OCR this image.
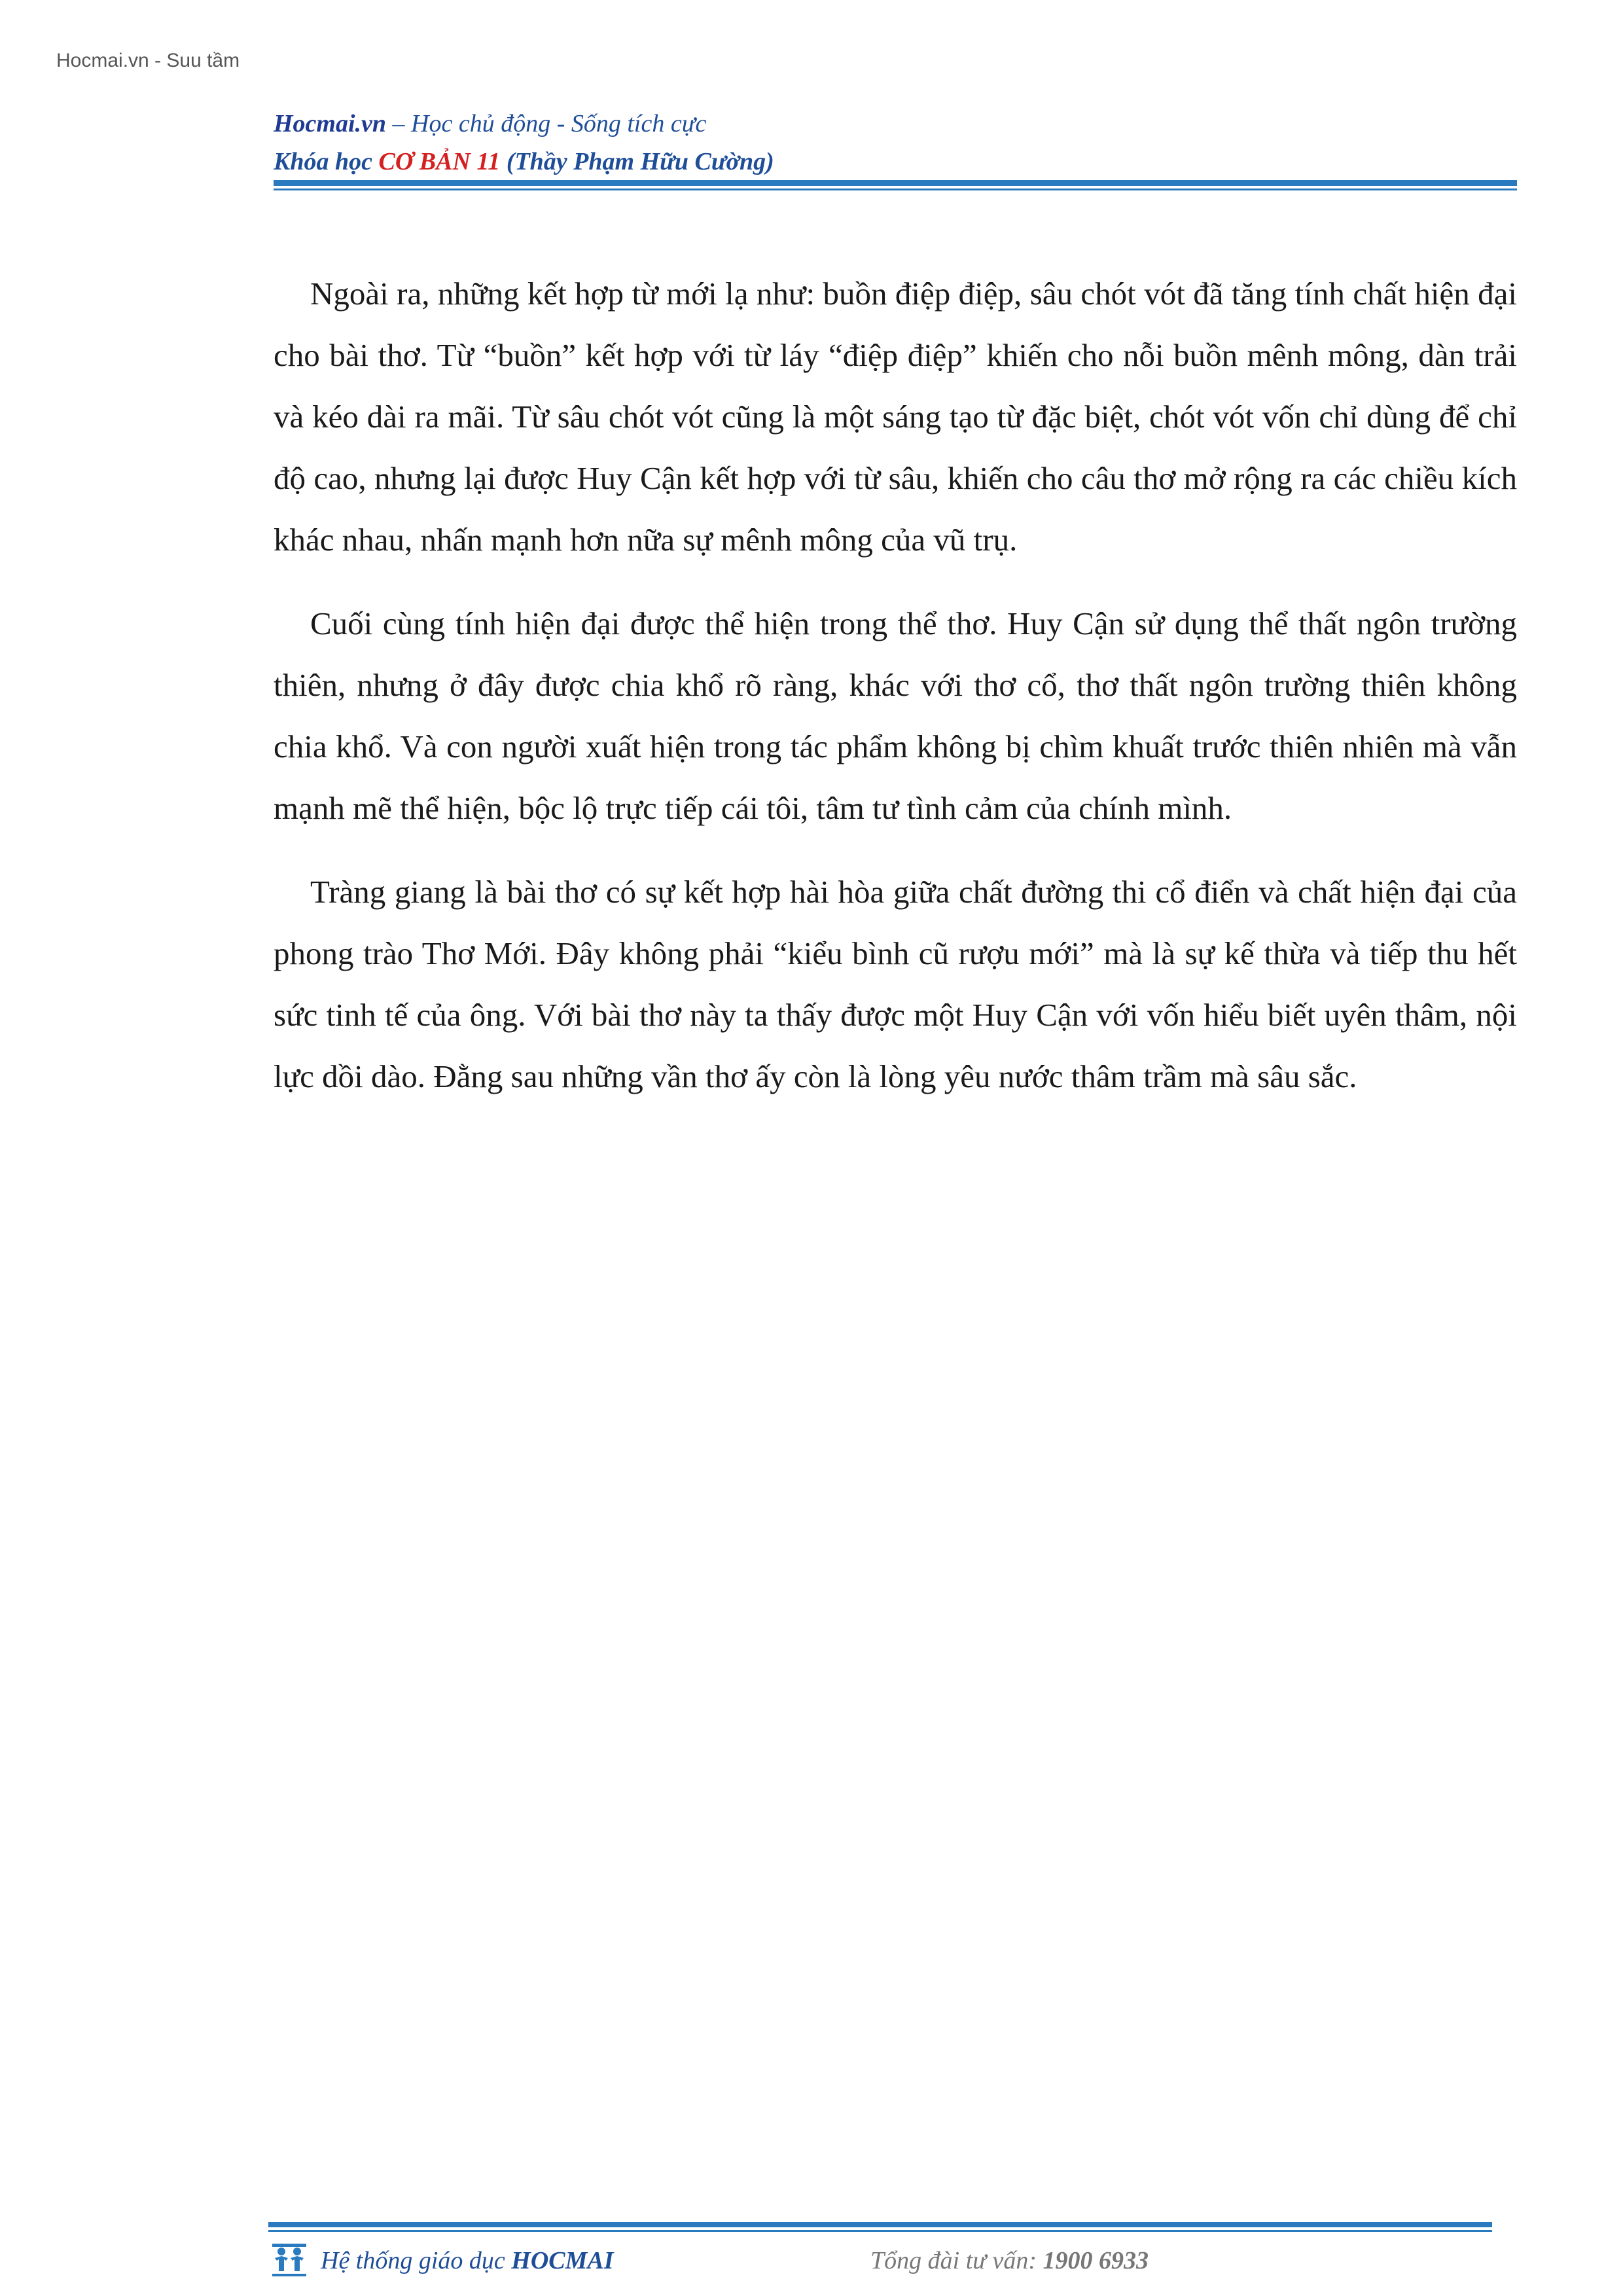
Hocmai.vn - Suu tầm
Hocmai.vn – Học chủ động - Sống tích cực
Khóa học CƠ BẢN 11 (Thầy Phạm Hữu Cường)

Ngoài ra, những kết hợp từ mới lạ như: buồn điệp điệp, sâu chót vót đã tăng tính chất hiện đại cho bài thơ. Từ “buồn” kết hợp với từ láy “điệp điệp” khiến cho nỗi buồn mênh mông, dàn trải và kéo dài ra mãi. Từ sâu chót vót cũng là một sáng tạo từ đặc biệt, chót vót vốn chỉ dùng để chỉ độ cao, nhưng lại được Huy Cận kết hợp với từ sâu, khiến cho câu thơ mở rộng ra các chiều kích khác nhau, nhấn mạnh hơn nữa sự mênh mông của vũ trụ.

Cuối cùng tính hiện đại được thể hiện trong thể thơ. Huy Cận sử dụng thể thất ngôn trường thiên, nhưng ở đây được chia khổ rõ ràng, khác với thơ cổ, thơ thất ngôn trường thiên không chia khổ. Và con người xuất hiện trong tác phẩm không bị chìm khuất trước thiên nhiên mà vẫn mạnh mẽ thể hiện, bộc lộ trực tiếp cái tôi, tâm tư tình cảm của chính mình.

Tràng giang là bài thơ có sự kết hợp hài hòa giữa chất đường thi cổ điển và chất hiện đại của phong trào Thơ Mới. Đây không phải “kiểu bình cũ rượu mới” mà là sự kế thừa và tiếp thu hết sức tinh tế của ông. Với bài thơ này ta thấy được một Huy Cận với vốn hiểu biết uyên thâm, nội lực dồi dào. Đằng sau những vần thơ ấy còn là lòng yêu nước thâm trầm mà sâu sắc.

Hệ thống giáo dục HOCMAI	Tổng đài tư vấn: 1900 6933
